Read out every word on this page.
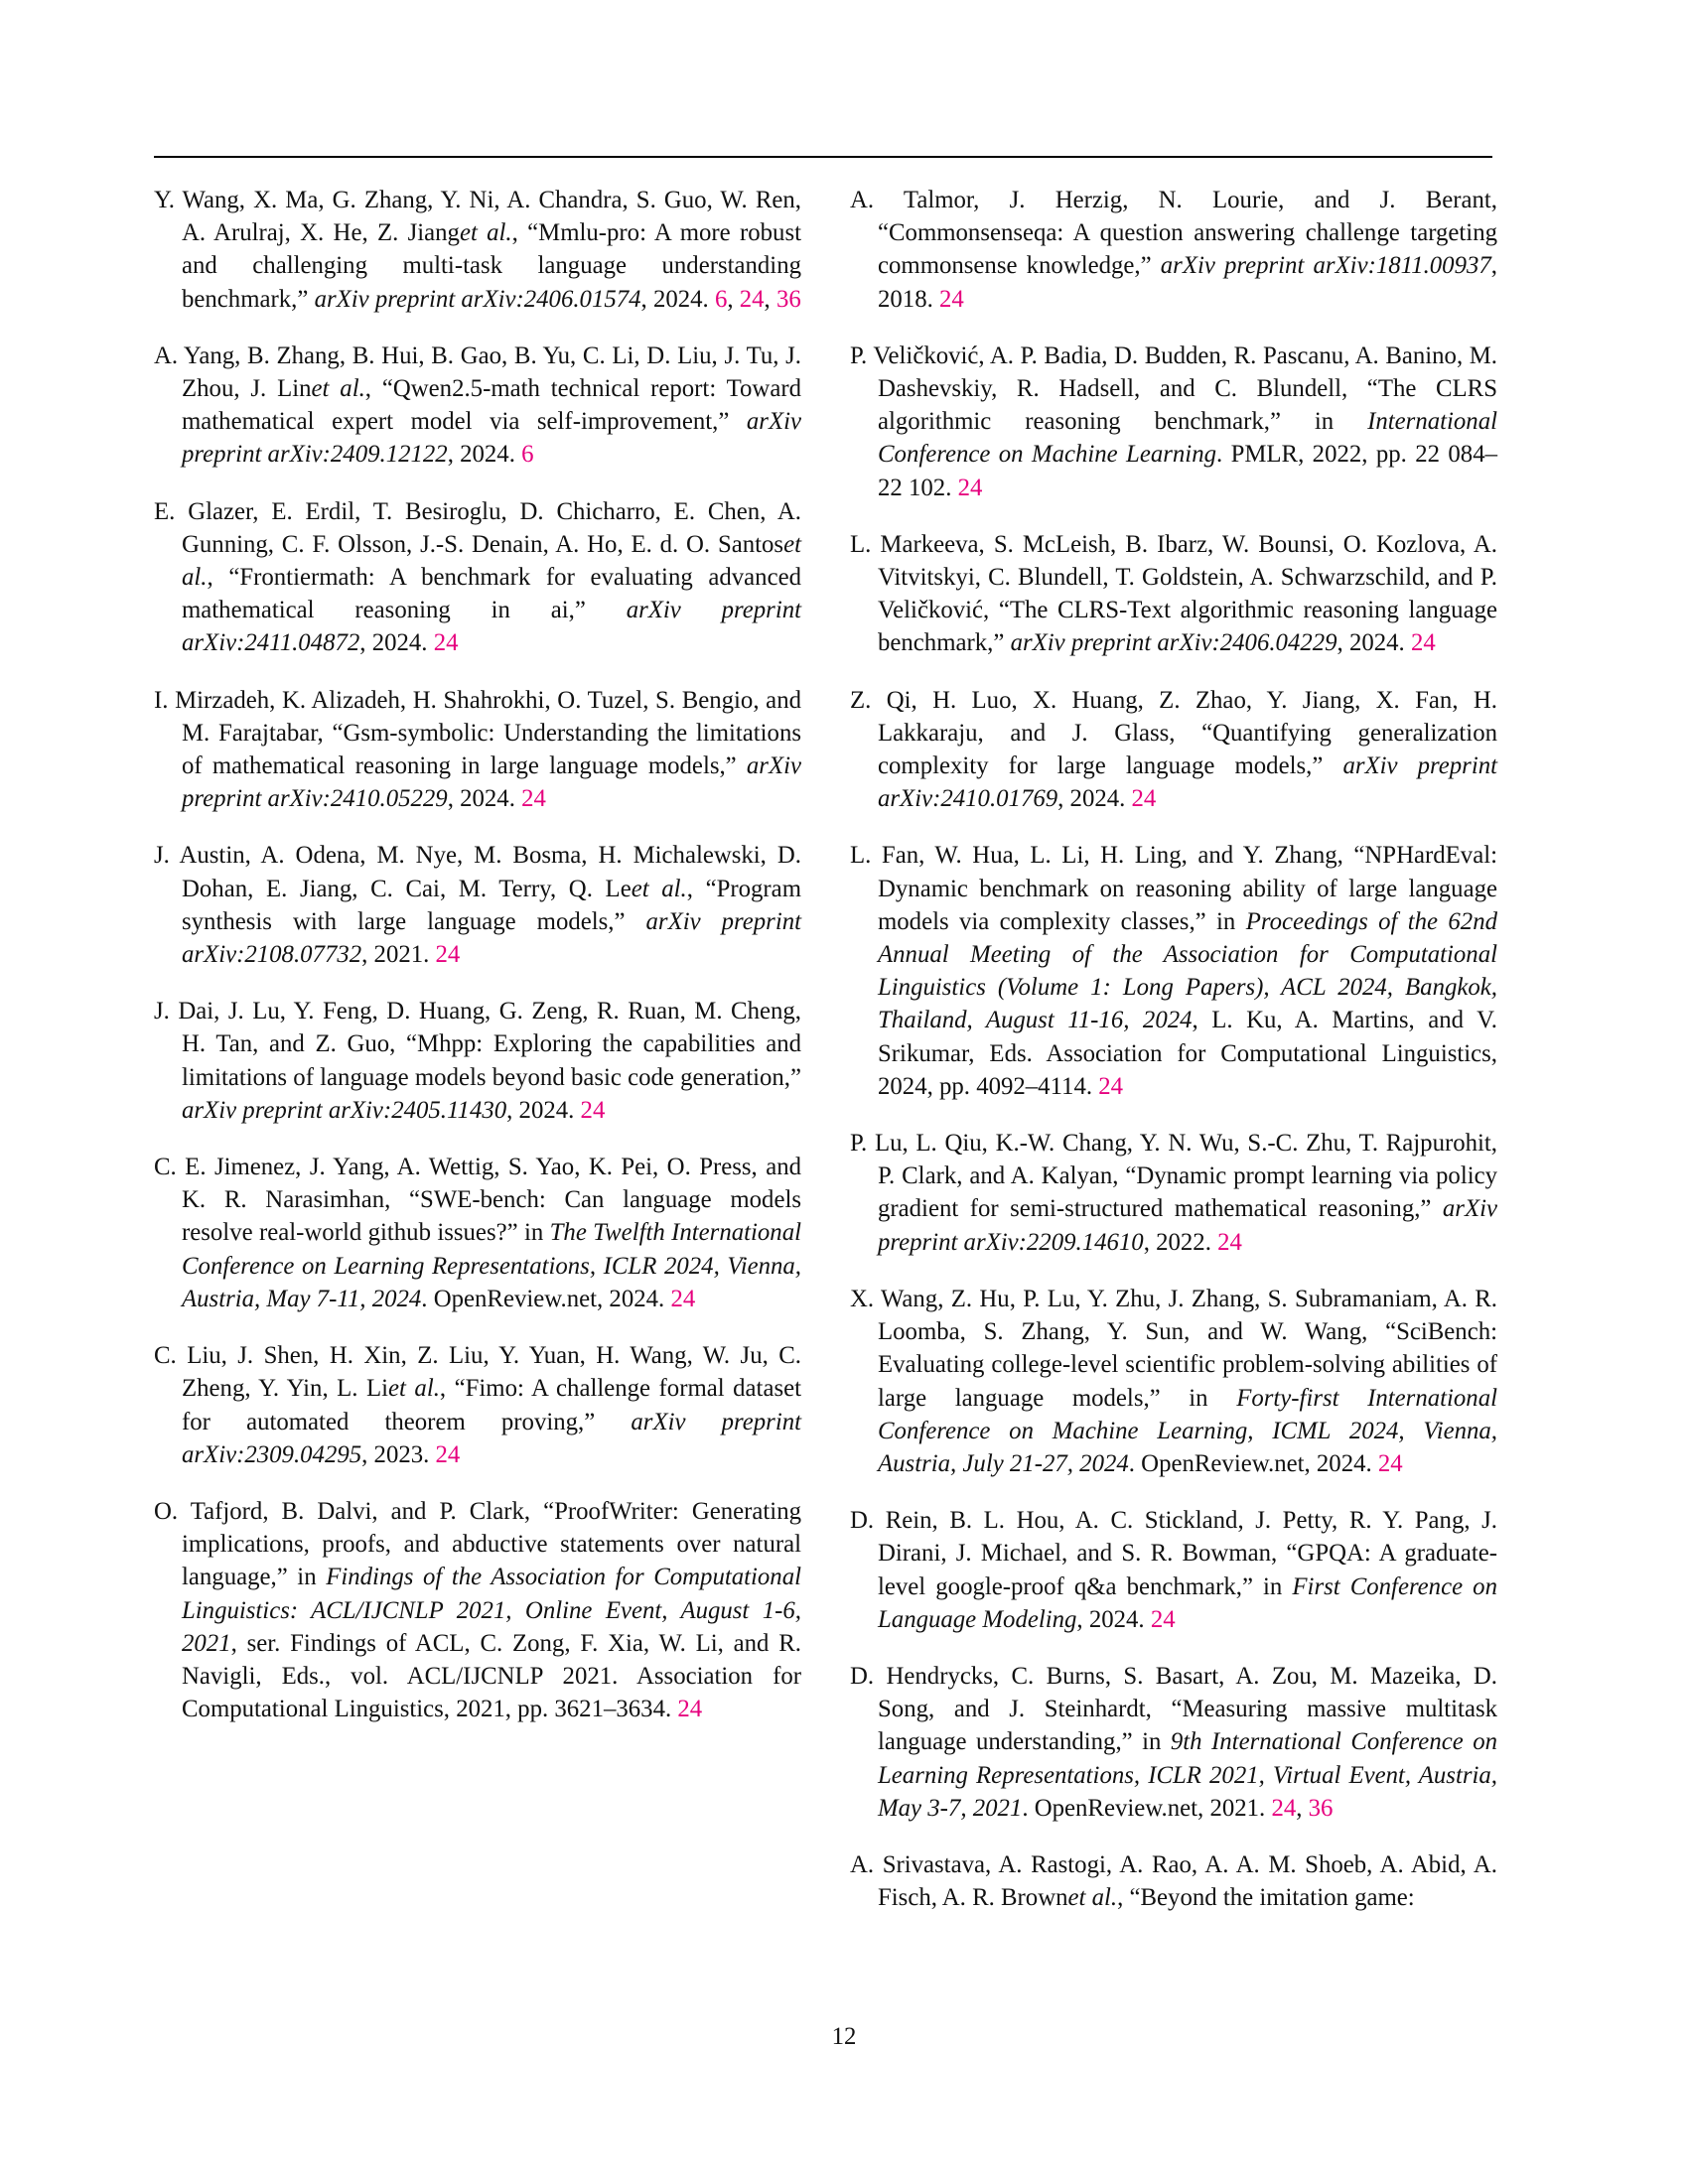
Y. Wang, X. Ma, G. Zhang, Y. Ni, A. Chandra, S. Guo, W. Ren, A. Arulraj, X. He, Z. Jianget al., “Mmlu-pro: A more robust and challenging multi-task language understanding benchmark,” arXiv preprint arXiv:2406.01574, 2024. 6, 24, 36

A. Yang, B. Zhang, B. Hui, B. Gao, B. Yu, C. Li, D. Liu, J. Tu, J. Zhou, J. Linet al., “Qwen2.5-math technical report: Toward mathematical expert model via self-improvement,” arXiv preprint arXiv:2409.12122, 2024. 6

E. Glazer, E. Erdil, T. Besiroglu, D. Chicharro, E. Chen, A. Gunning, C. F. Olsson, J.-S. Denain, A. Ho, E. d. O. Santoset al., “Frontiermath: A benchmark for evaluating advanced mathematical reasoning in ai,” arXiv preprint arXiv:2411.04872, 2024. 24

I. Mirzadeh, K. Alizadeh, H. Shahrokhi, O. Tuzel, S. Bengio, and M. Farajtabar, “Gsm-symbolic: Understanding the limitations of mathematical reasoning in large language models,” arXiv preprint arXiv:2410.05229, 2024. 24

J. Austin, A. Odena, M. Nye, M. Bosma, H. Michalewski, D. Dohan, E. Jiang, C. Cai, M. Terry, Q. Leet al., “Program synthesis with large language models,” arXiv preprint arXiv:2108.07732, 2021. 24

J. Dai, J. Lu, Y. Feng, D. Huang, G. Zeng, R. Ruan, M. Cheng, H. Tan, and Z. Guo, “Mhpp: Exploring the capabilities and limitations of language models beyond basic code generation,” arXiv preprint arXiv:2405.11430, 2024. 24

C. E. Jimenez, J. Yang, A. Wettig, S. Yao, K. Pei, O. Press, and K. R. Narasimhan, “SWE-bench: Can language models resolve real-world github issues?” in The Twelfth International Conference on Learning Representations, ICLR 2024, Vienna, Austria, May 7-11, 2024. OpenReview.net, 2024. 24

C. Liu, J. Shen, H. Xin, Z. Liu, Y. Yuan, H. Wang, W. Ju, C. Zheng, Y. Yin, L. Liet al., “Fimo: A challenge formal dataset for automated theorem proving,” arXiv preprint arXiv:2309.04295, 2023. 24

O. Tafjord, B. Dalvi, and P. Clark, “ProofWriter: Generating implications, proofs, and abductive statements over natural language,” in Findings of the Association for Computational Linguistics: ACL/IJCNLP 2021, Online Event, August 1-6, 2021, ser. Findings of ACL, C. Zong, F. Xia, W. Li, and R. Navigli, Eds., vol. ACL/IJCNLP 2021. Association for Computational Linguistics, 2021, pp. 3621–3634. 24

A. Talmor, J. Herzig, N. Lourie, and J. Berant, “Commonsenseqa: A question answering challenge targeting commonsense knowledge,” arXiv preprint arXiv:1811.00937, 2018. 24

P. Veličković, A. P. Badia, D. Budden, R. Pascanu, A. Banino, M. Dashevskiy, R. Hadsell, and C. Blundell, “The CLRS algorithmic reasoning benchmark,” in International Conference on Machine Learning. PMLR, 2022, pp. 22 084–22 102. 24

L. Markeeva, S. McLeish, B. Ibarz, W. Bounsi, O. Kozlova, A. Vitvitskyi, C. Blundell, T. Goldstein, A. Schwarzschild, and P. Veličković, “The CLRS-Text algorithmic reasoning language benchmark,” arXiv preprint arXiv:2406.04229, 2024. 24

Z. Qi, H. Luo, X. Huang, Z. Zhao, Y. Jiang, X. Fan, H. Lakkaraju, and J. Glass, “Quantifying generalization complexity for large language models,” arXiv preprint arXiv:2410.01769, 2024. 24

L. Fan, W. Hua, L. Li, H. Ling, and Y. Zhang, “NPHardEval: Dynamic benchmark on reasoning ability of large language models via complexity classes,” in Proceedings of the 62nd Annual Meeting of the Association for Computational Linguistics (Volume 1: Long Papers), ACL 2024, Bangkok, Thailand, August 11-16, 2024, L. Ku, A. Martins, and V. Srikumar, Eds. Association for Computational Linguistics, 2024, pp. 4092–4114. 24

P. Lu, L. Qiu, K.-W. Chang, Y. N. Wu, S.-C. Zhu, T. Rajpurohit, P. Clark, and A. Kalyan, “Dynamic prompt learning via policy gradient for semi-structured mathematical reasoning,” arXiv preprint arXiv:2209.14610, 2022. 24

X. Wang, Z. Hu, P. Lu, Y. Zhu, J. Zhang, S. Subramaniam, A. R. Loomba, S. Zhang, Y. Sun, and W. Wang, “SciBench: Evaluating college-level scientific problem-solving abilities of large language models,” in Forty-first International Conference on Machine Learning, ICML 2024, Vienna, Austria, July 21-27, 2024. OpenReview.net, 2024. 24

D. Rein, B. L. Hou, A. C. Stickland, J. Petty, R. Y. Pang, J. Dirani, J. Michael, and S. R. Bowman, “GPQA: A graduate-level google-proof q&a benchmark,” in First Conference on Language Modeling, 2024. 24

D. Hendrycks, C. Burns, S. Basart, A. Zou, M. Mazeika, D. Song, and J. Steinhardt, “Measuring massive multitask language understanding,” in 9th International Conference on Learning Representations, ICLR 2021, Virtual Event, Austria, May 3-7, 2021. OpenReview.net, 2021. 24, 36

A. Srivastava, A. Rastogi, A. Rao, A. A. M. Shoeb, A. Abid, A. Fisch, A. R. Brownet al., “Beyond the imitation game:

12
